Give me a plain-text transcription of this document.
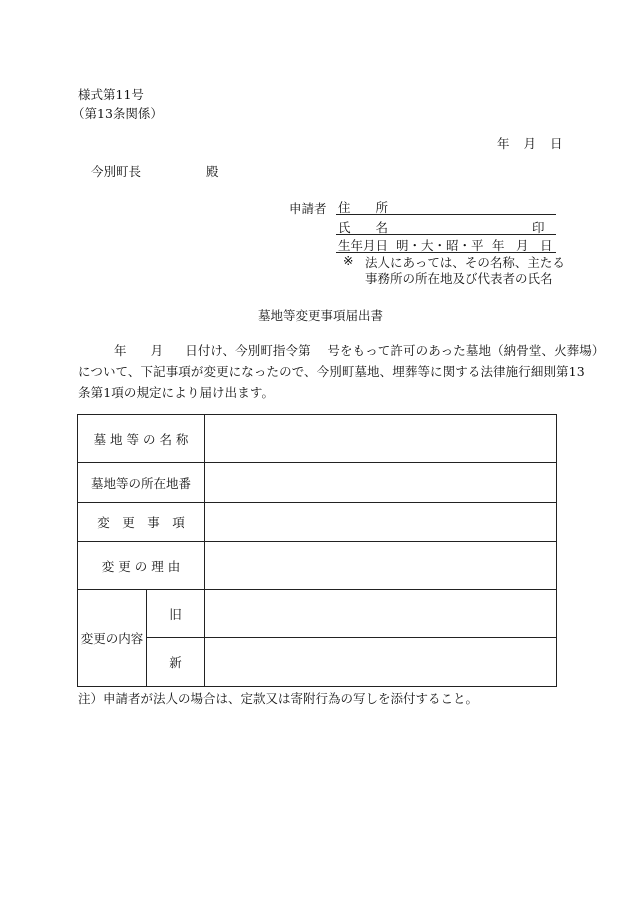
様式第11号
（第13条関係）
年 月 日
今別町長	殿
申請者 住　　所
氏　　名	印
生年月日 明・大・昭・平 年 月 日
※ 法人にあっては、その名称、主たる
事務所の所在地及び代表者の氏名
墓地等変更事項届出書
年 月 日付け、今別町指令第　 号をもって許可のあった墓地（納骨堂、火葬場）
について、下記事項が変更になったので、今別町墓地、埋葬等に関する法律施行細則第13
条第1項の規定により届け出ます。
墓 地 等 の 名 称		
墓地等の所在地番		
変　更　事　項		
変 更 の 理 由		
変更の内容	旧	
	新	
注）申請者が法人の場合は、定款又は寄附行為の写しを添付すること。
